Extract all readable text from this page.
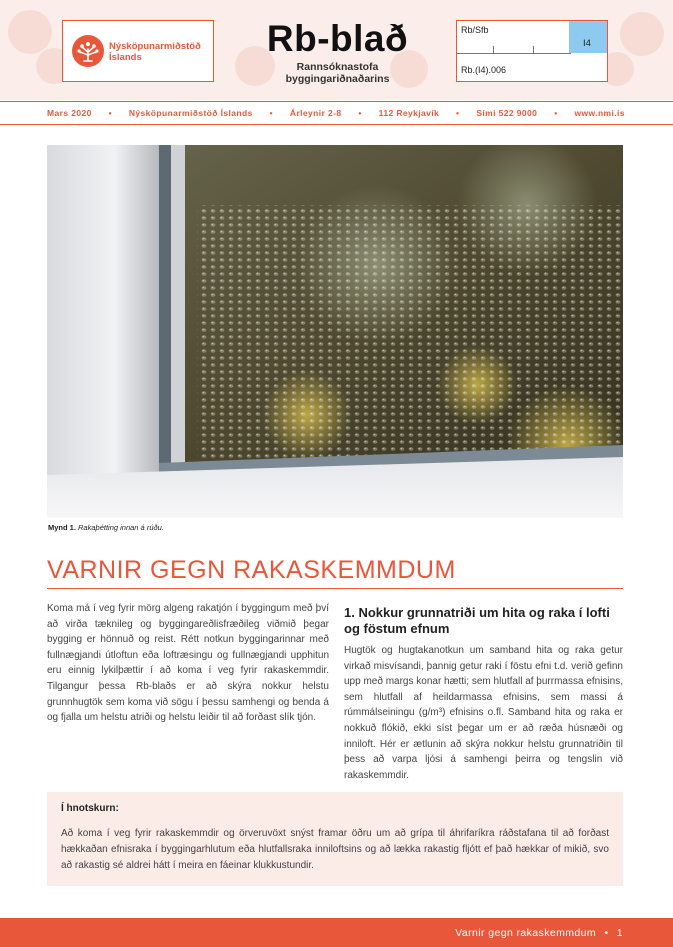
Nýsköpunarmiðstöð
Íslands	Rb-blað
Rannsóknastofa
byggingariðnaðarins
Rb/Sfb
I4
Rb.(I4).006
Mars 2020 • Nýsköpunarmiðstöð Íslands • Árleynir 2-8 • 112 Reykjavík • Sími 522 9000 • www.nmi.is
Mynd 1. Rakaþétting innan á rúðu.
VARNIR GEGN RAKASKEMMDUM
Koma má í veg fyrir mörg algeng rakatjón í byggingum með því að virða tæknileg og byggingareðlisfræðileg viðmið þegar bygging er hönnuð og reist. Rétt notkun byggingarinnar með fullnægjandi útloftun eða loftræsingu og fullnægjandi upphitun eru einnig lykilþættir í að koma í veg fyrir rakaskemmdir. Tilgangur þessa Rb-blaðs er að skýra nokkur helstu grunnhugtök sem koma við sögu í þessu samhengi og benda á og fjalla um helstu atriði og helstu leiðir til að forðast slík tjón.
1. Nokkur grunnatriði um hita og raka í lofti og föstum efnum
Hugtök og hugtakanotkun um samband hita og raka getur virkað misvísandi, þannig getur raki í föstu efni t.d. verið gefinn upp með margs konar hætti; sem hlutfall af þurrmassa efnisins, sem hlutfall af heildarmassa efnisins, sem massi á rúmmálseiningu (g/m³) efnisins o.fl. Samband hita og raka er nokkuð flókið, ekki síst þegar um er að ræða húsnæði og inniloft. Hér er ætlunin að skýra nokkur helstu grunnatriðin til þess að varpa ljósi á samhengi þeirra og tengslin við rakaskemmdir.
Í hnotskurn:
Að koma í veg fyrir rakaskemmdir og örveruvöxt snýst framar öðru um að grípa til áhrifaríkra ráðstafana til að forðast hækkaðan efnisraka í byggingarhlutum eða hlutfallsraka inniloftsins og að lækka rakastig fljótt ef það hækkar of mikið, svo að rakastig sé aldrei hátt í meira en fáeinar klukkustundir.
Varnir gegn rakaskemmdum • 1
